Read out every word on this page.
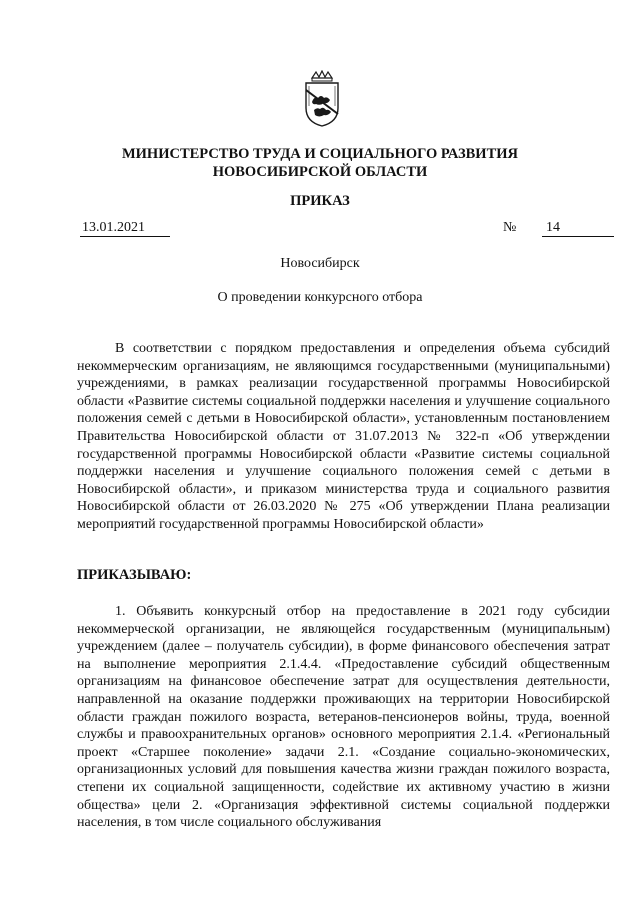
МИНИСТЕРСТВО ТРУДА И СОЦИАЛЬНОГО РАЗВИТИЯ
НОВОСИБИРСКОЙ ОБЛАСТИ
ПРИКАЗ
13.01.2021	№ 14
Новосибирск
О проведении конкурсного отбора

В соответствии с порядком предоставления и определения объема субсидий некоммерческим организациям, не являющимся государственными (муниципальными) учреждениями, в рамках реализации государственной программы Новосибирской области «Развитие системы социальной поддержки населения и улучшение социального положения семей с детьми в Новосибирской области», установленным постановлением Правительства Новосибирской области от 31.07.2013 № 322-п «Об утверждении государственной программы Новосибирской области «Развитие системы социальной поддержки населения и улучшение социального положения семей с детьми в Новосибирской области», и приказом министерства труда и социального развития Новосибирской области от 26.03.2020 № 275 «Об утверждении Плана реализации мероприятий государственной программы Новосибирской области»

ПРИКАЗЫВАЮ:

1. Объявить конкурсный отбор на предоставление в 2021 году субсидии некоммерческой организации, не являющейся государственным (муниципальным) учреждением (далее – получатель субсидии), в форме финансового обеспечения затрат на выполнение мероприятия 2.1.4.4. «Предоставление субсидий общественным организациям на финансовое обеспечение затрат для осуществления деятельности, направленной на оказание поддержки проживающих на территории Новосибирской области граждан пожилого возраста, ветеранов-пенсионеров войны, труда, военной службы и правоохранительных органов» основного мероприятия 2.1.4. «Региональный проект «Старшее поколение» задачи 2.1. «Создание социально-экономических, организационных условий для повышения качества жизни граждан пожилого возраста, степени их социальной защищенности, содействие их активному участию в жизни общества» цели 2. «Организация эффективной системы социальной поддержки населения, в том числе социального обслуживания
